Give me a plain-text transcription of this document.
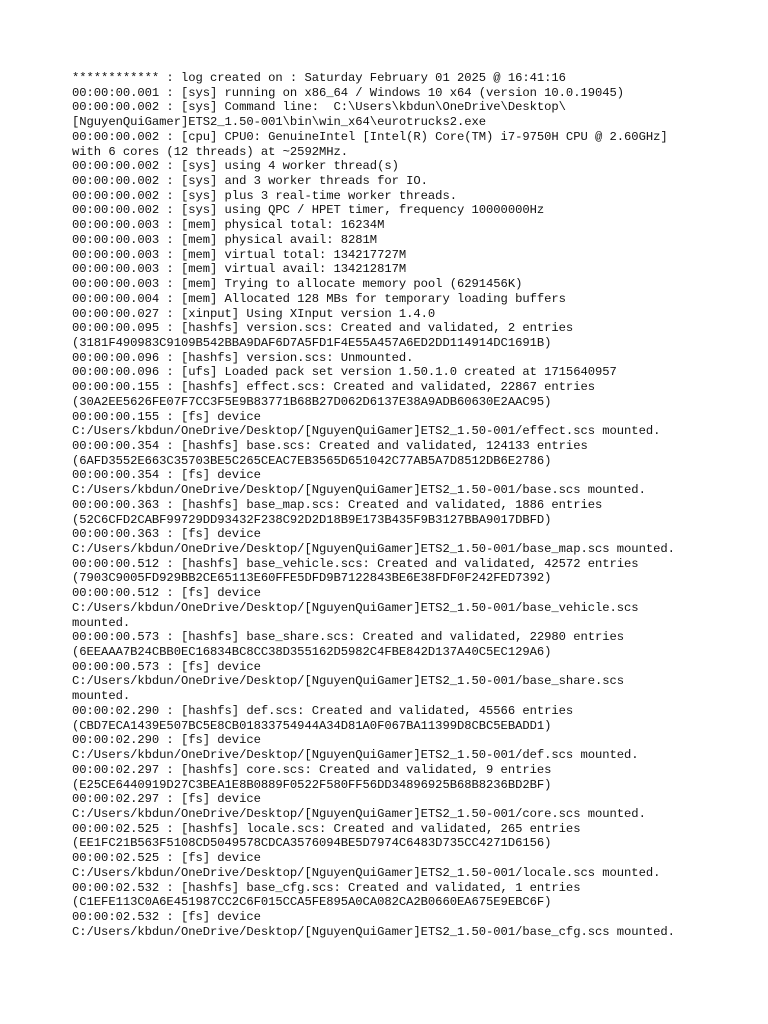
************ : log created on : Saturday February 01 2025 @ 16:41:16
00:00:00.001 : [sys] running on x86_64 / Windows 10 x64 (version 10.0.19045)
00:00:00.002 : [sys] Command line:  C:\Users\kbdun\OneDrive\Desktop\
[NguyenQuiGamer]ETS2_1.50-001\bin\win_x64\eurotrucks2.exe
00:00:00.002 : [cpu] CPU0: GenuineIntel [Intel(R) Core(TM) i7-9750H CPU @ 2.60GHz]
with 6 cores (12 threads) at ~2592MHz.
00:00:00.002 : [sys] using 4 worker thread(s)
00:00:00.002 : [sys] and 3 worker threads for IO.
00:00:00.002 : [sys] plus 3 real-time worker threads.
00:00:00.002 : [sys] using QPC / HPET timer, frequency 10000000Hz
00:00:00.003 : [mem] physical total: 16234M
00:00:00.003 : [mem] physical avail: 8281M
00:00:00.003 : [mem] virtual total: 134217727M
00:00:00.003 : [mem] virtual avail: 134212817M
00:00:00.003 : [mem] Trying to allocate memory pool (6291456K)
00:00:00.004 : [mem] Allocated 128 MBs for temporary loading buffers
00:00:00.027 : [xinput] Using XInput version 1.4.0
00:00:00.095 : [hashfs] version.scs: Created and validated, 2 entries
(3181F490983C9109B542BBA9DAF6D7A5FD1F4E55A457A6ED2DD114914DC1691B)
00:00:00.096 : [hashfs] version.scs: Unmounted.
00:00:00.096 : [ufs] Loaded pack set version 1.50.1.0 created at 1715640957
00:00:00.155 : [hashfs] effect.scs: Created and validated, 22867 entries
(30A2EE5626FE07F7CC3F5E9B83771B68B27D062D6137E38A9ADB60630E2AAC95)
00:00:00.155 : [fs] device
C:/Users/kbdun/OneDrive/Desktop/[NguyenQuiGamer]ETS2_1.50-001/effect.scs mounted.
00:00:00.354 : [hashfs] base.scs: Created and validated, 124133 entries
(6AFD3552E663C35703BE5C265CEAC7EB3565D651042C77AB5A7D8512DB6E2786)
00:00:00.354 : [fs] device
C:/Users/kbdun/OneDrive/Desktop/[NguyenQuiGamer]ETS2_1.50-001/base.scs mounted.
00:00:00.363 : [hashfs] base_map.scs: Created and validated, 1886 entries
(52C6CFD2CABF99729DD93432F238C92D2D18B9E173B435F9B3127BBA9017DBFD)
00:00:00.363 : [fs] device
C:/Users/kbdun/OneDrive/Desktop/[NguyenQuiGamer]ETS2_1.50-001/base_map.scs mounted.
00:00:00.512 : [hashfs] base_vehicle.scs: Created and validated, 42572 entries
(7903C9005FD929BB2CE65113E60FFE5DFD9B7122843BE6E38FDF0F242FED7392)
00:00:00.512 : [fs] device
C:/Users/kbdun/OneDrive/Desktop/[NguyenQuiGamer]ETS2_1.50-001/base_vehicle.scs
mounted.
00:00:00.573 : [hashfs] base_share.scs: Created and validated, 22980 entries
(6EEAAA7B24CBB0EC16834BC8CC38D355162D5982C4FBE842D137A40C5EC129A6)
00:00:00.573 : [fs] device
C:/Users/kbdun/OneDrive/Desktop/[NguyenQuiGamer]ETS2_1.50-001/base_share.scs
mounted.
00:00:02.290 : [hashfs] def.scs: Created and validated, 45566 entries
(CBD7ECA1439E507BC5E8CB01833754944A34D81A0F067BA11399D8CBC5EBADD1)
00:00:02.290 : [fs] device
C:/Users/kbdun/OneDrive/Desktop/[NguyenQuiGamer]ETS2_1.50-001/def.scs mounted.
00:00:02.297 : [hashfs] core.scs: Created and validated, 9 entries
(E25CE6440919D27C3BEA1E8B0889F0522F580FF56DD34896925B68B8236BD2BF)
00:00:02.297 : [fs] device
C:/Users/kbdun/OneDrive/Desktop/[NguyenQuiGamer]ETS2_1.50-001/core.scs mounted.
00:00:02.525 : [hashfs] locale.scs: Created and validated, 265 entries
(EE1FC21B563F5108CD5049578CDCA3576094BE5D7974C6483D735CC4271D6156)
00:00:02.525 : [fs] device
C:/Users/kbdun/OneDrive/Desktop/[NguyenQuiGamer]ETS2_1.50-001/locale.scs mounted.
00:00:02.532 : [hashfs] base_cfg.scs: Created and validated, 1 entries
(C1EFE113C0A6E451987CC2C6F015CCA5FE895A0CA082CA2B0660EA675E9EBC6F)
00:00:02.532 : [fs] device
C:/Users/kbdun/OneDrive/Desktop/[NguyenQuiGamer]ETS2_1.50-001/base_cfg.scs mounted.
